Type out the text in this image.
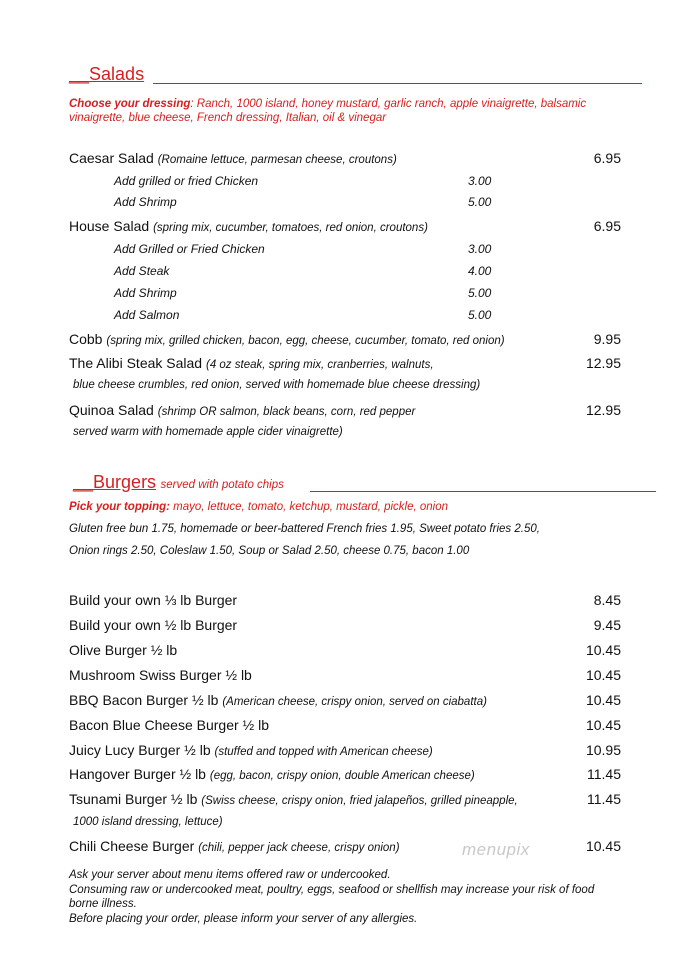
__Salads
Choose your dressing: Ranch, 1000 island, honey mustard, garlic ranch, apple vinaigrette, balsamic
vinaigrette, blue cheese, French dressing, Italian, oil & vinegar
Caesar Salad (Romaine lettuce, parmesan cheese, croutons)	6.95
Add grilled or fried Chicken	3.00
Add Shrimp	5.00
House Salad (spring mix, cucumber, tomatoes, red onion, croutons)	6.95
Add Grilled or Fried Chicken	3.00
Add Steak	4.00
Add Shrimp	5.00
Add Salmon	5.00
Cobb (spring mix, grilled chicken, bacon, egg, cheese, cucumber, tomato, red onion)	9.95
The Alibi Steak Salad (4 oz steak, spring mix, cranberries, walnuts,	12.95
blue cheese crumbles, red onion, served with homemade blue cheese dressing)
Quinoa Salad (shrimp OR salmon, black beans, corn, red pepper	12.95
served warm with homemade apple cider vinaigrette)
__Burgers served with potato chips
Pick your topping: mayo, lettuce, tomato, ketchup, mustard, pickle, onion
Gluten free bun 1.75, homemade or beer-battered French fries 1.95, Sweet potato fries 2.50,
Onion rings 2.50, Coleslaw 1.50, Soup or Salad 2.50, cheese 0.75, bacon 1.00
Build your own ⅓ lb Burger	8.45
Build your own ½ lb Burger	9.45
Olive Burger ½ lb	10.45
Mushroom Swiss Burger ½ lb	10.45
BBQ Bacon Burger ½ lb (American cheese, crispy onion, served on ciabatta)	10.45
Bacon Blue Cheese Burger ½ lb	10.45
Juicy Lucy Burger ½ lb (stuffed and topped with American cheese)	10.95
Hangover Burger ½ lb (egg, bacon, crispy onion, double American cheese)	11.45
Tsunami Burger ½ lb (Swiss cheese, crispy onion, fried jalapeños, grilled pineapple,	11.45
1000 island dressing, lettuce)
Chili Cheese Burger (chili, pepper jack cheese, crispy onion)	10.45
menupix
Ask your server about menu items offered raw or undercooked.
Consuming raw or undercooked meat, poultry, eggs, seafood or shellfish may increase your risk of food
borne illness.
Before placing your order, please inform your server of any allergies.
